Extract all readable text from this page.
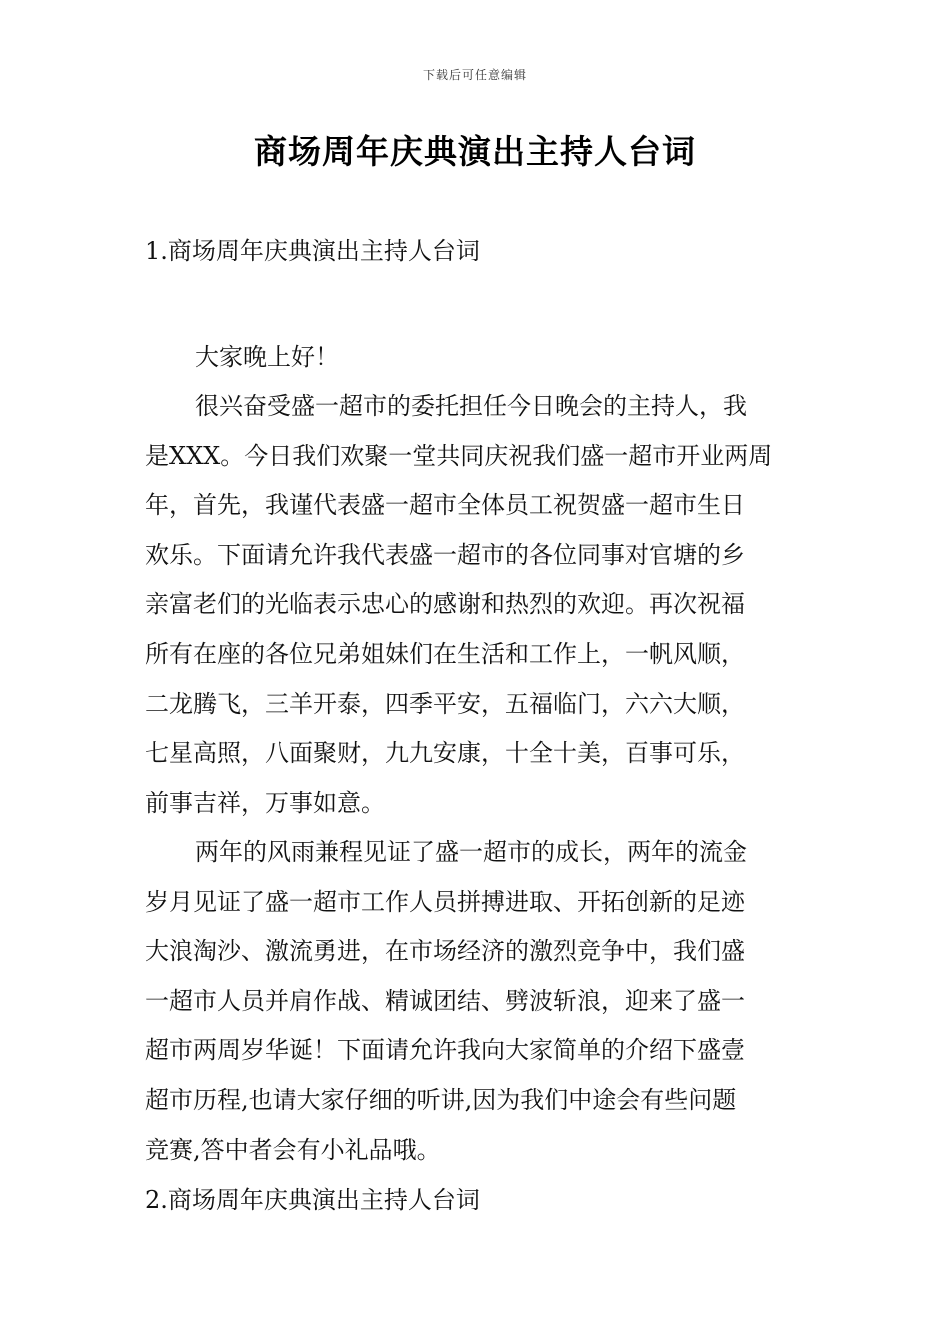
下载后可任意编辑
商场周年庆典演出主持人台词
1.商场周年庆典演出主持人台词
大家晚上好！
很兴奋受盛一超市的委托担任今日晚会的主持人，我
是XXX。今日我们欢聚一堂共同庆祝我们盛一超市开业两周
年，首先，我谨代表盛一超市全体员工祝贺盛一超市生日
欢乐。下面请允许我代表盛一超市的各位同事对官塘的乡
亲富老们的光临表示忠心的感谢和热烈的欢迎。再次祝福
所有在座的各位兄弟姐妹们在生活和工作上，一帆风顺，
二龙腾飞，三羊开泰，四季平安，五福临门，六六大顺，
七星高照，八面聚财，九九安康，十全十美，百事可乐，
前事吉祥，万事如意。
两年的风雨兼程见证了盛一超市的成长，两年的流金
岁月见证了盛一超市工作人员拼搏进取、开拓创新的足迹
大浪淘沙、激流勇进，在市场经济的激烈竞争中，我们盛
一超市人员并肩作战、精诚团结、劈波斩浪，迎来了盛一
超市两周岁华诞！下面请允许我向大家简单的介绍下盛壹
超市历程,也请大家仔细的听讲,因为我们中途会有些问题
竞赛,答中者会有小礼品哦。
2.商场周年庆典演出主持人台词
